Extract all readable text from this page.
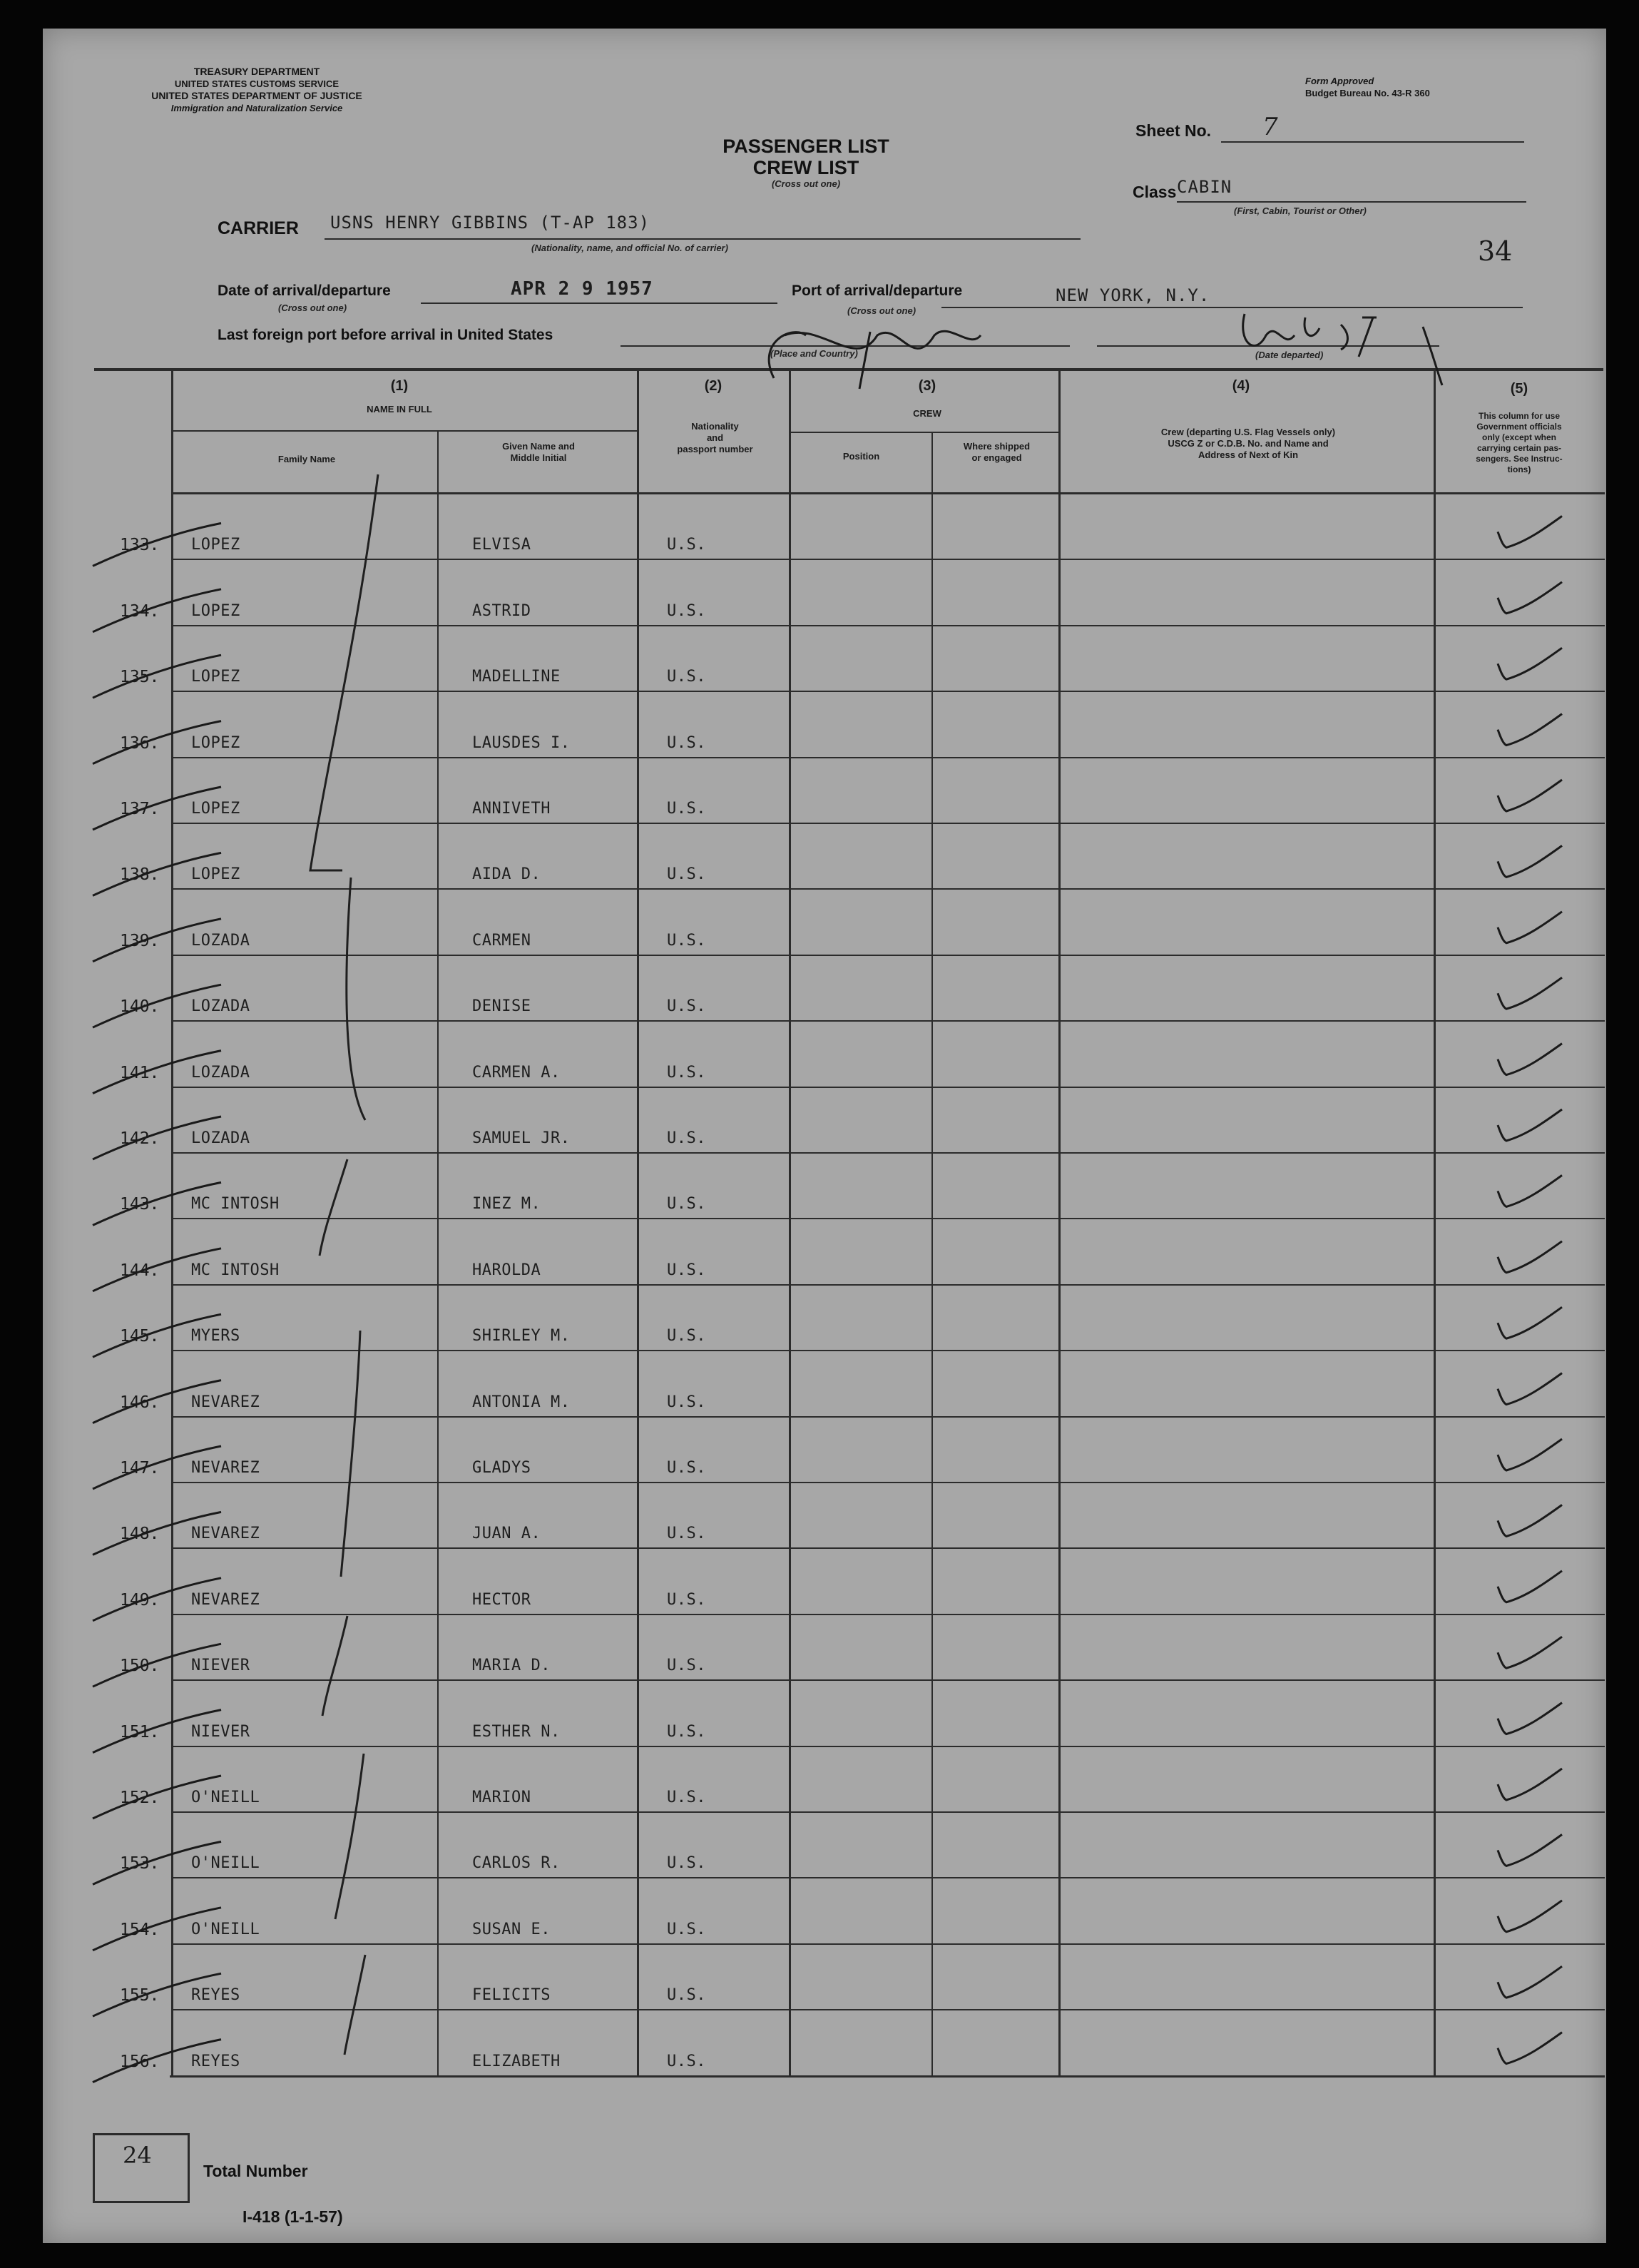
TREASURY DEPARTMENT
UNITED STATES CUSTOMS SERVICE
UNITED STATES DEPARTMENT OF JUSTICE
Immigration and Naturalization Service
Form Approved
Budget Bureau No. 43-R 360
PASSENGER LIST
CREW LIST
(Cross out one)
Sheet No. 7
Class CABIN
(First, Cabin, Tourist or Other)
34
CARRIER USNS HENRY GIBBINS (T-AP 183)
(Nationality, name, and official No. of carrier)
Date of arrival/departure
(Cross out one)
APR 2 9 1957	Port of arrival/departure
(Cross out one)
NEW YORK, N.Y.
Last foreign port before arrival in United States
(Place and Country)	(Date departed)
(1)
NAME IN FULL
Family Name
Given Name and
Middle Initial
(2)
Nationality
and
passport number
(3)
CREW
Position
Where shipped
or engaged
(4)
Crew (departing U.S. Flag Vessels only)
USCG Z or C.D.B. No. and Name and
Address of Next of Kin
(5)
This column for use
Government officials
only (except when
carrying certain pas-
sengers. See Instruc-
tions)
133. LOPEZ	ELVISA	U.S.
134. LOPEZ	ASTRID	U.S.
135. LOPEZ	MADELLINE	U.S.
136. LOPEZ	LAUSDES I.	U.S.
137. LOPEZ	ANNIVETH	U.S.
138. LOPEZ	AIDA D.	U.S.
139. LOZADA	CARMEN	U.S.
140. LOZADA	DENISE	U.S.
141. LOZADA	CARMEN A.	U.S.
142. LOZADA	SAMUEL JR.	U.S.
143. MC INTOSH	INEZ M.	U.S.
144. MC INTOSH	HAROLDA	U.S.
145. MYERS	SHIRLEY M.	U.S.
146. NEVAREZ	ANTONIA M.	U.S.
147. NEVAREZ	GLADYS	U.S.
148. NEVAREZ	JUAN A.	U.S.
149. NEVAREZ	HECTOR	U.S.
150. NIEVER	MARIA D.	U.S.
151. NIEVER	ESTHER N.	U.S.
152. O'NEILL	MARION	U.S.
153. O'NEILL	CARLOS R.	U.S.
154. O'NEILL	SUSAN E.	U.S.
155. REYES	FELICITS	U.S.
156. REYES	ELIZABETH	U.S.
24
Total Number
I-418 (1-1-57)
